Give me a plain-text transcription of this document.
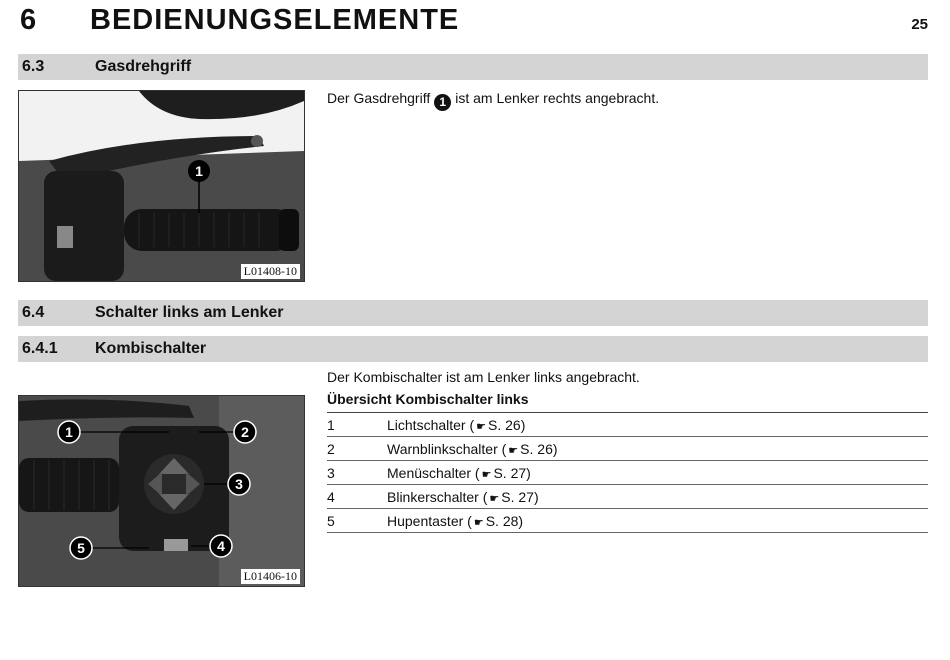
6 BEDIENUNGSELEMENTE	25
6.3	Gasdrehgriff
1
L01408-10
Der Gasdrehgriff 1 ist am Lenker rechts angebracht.
6.4	Schalter links am Lenker
6.4.1 Kombischalter
1	2
3
4
5
L01406-10
Der Kombischalter ist am Lenker links angebracht.
Übersicht Kombischalter links
1	Lichtschalter ( ☛ S. 26)
2	Warnblinkschalter ( ☛ S. 26)
3	Menüschalter ( ☛ S. 27)
4	Blinkerschalter ( ☛ S. 27)
5	Hupentaster ( ☛ S. 28)
